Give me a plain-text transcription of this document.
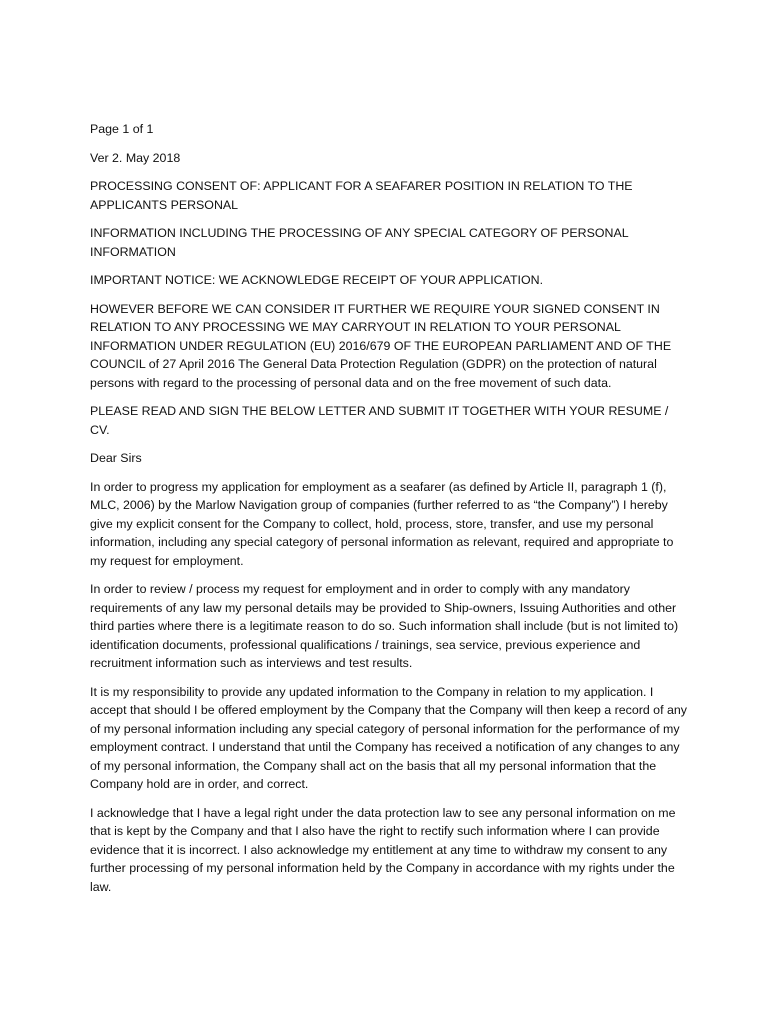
Page 1 of 1

Ver 2. May 2018

PROCESSING CONSENT OF: APPLICANT FOR A SEAFARER POSITION IN RELATION TO THE APPLICANTS PERSONAL

INFORMATION INCLUDING THE PROCESSING OF ANY SPECIAL CATEGORY OF PERSONAL INFORMATION

IMPORTANT NOTICE: WE ACKNOWLEDGE RECEIPT OF YOUR APPLICATION.

HOWEVER BEFORE WE CAN CONSIDER IT FURTHER WE REQUIRE YOUR SIGNED CONSENT IN RELATION TO ANY PROCESSING WE MAY CARRYOUT IN RELATION TO YOUR PERSONAL INFORMATION UNDER REGULATION (EU) 2016/679 OF THE EUROPEAN PARLIAMENT AND OF THE COUNCIL of 27 April 2016 The General Data Protection Regulation (GDPR) on the protection of natural persons with regard to the processing of personal data and on the free movement of such data.

PLEASE READ AND SIGN THE BELOW LETTER AND SUBMIT IT TOGETHER WITH YOUR RESUME / CV.

Dear Sirs

In order to progress my application for employment as a seafarer (as defined by Article II, paragraph 1 (f), MLC, 2006) by the Marlow Navigation group of companies (further referred to as “the Company”) I hereby give my explicit consent for the Company to collect, hold, process, store, transfer, and use my personal information, including any special category of personal information as relevant, required and appropriate to my request for employment.

In order to review / process my request for employment and in order to comply with any mandatory requirements of any law my personal details may be provided to Ship-owners, Issuing Authorities and other third parties where there is a legitimate reason to do so. Such information shall include (but is not limited to) identification documents, professional qualifications / trainings, sea service, previous experience and recruitment information such as interviews and test results.

It is my responsibility to provide any updated information to the Company in relation to my application. I accept that should I be offered employment by the Company that the Company will then keep a record of any of my personal information including any special category of personal information for the performance of my employment contract. I understand that until the Company has received a notification of any changes to any of my personal information, the Company shall act on the basis that all my personal information that the Company hold are in order, and correct.

I acknowledge that I have a legal right under the data protection law to see any personal information on me that is kept by the Company and that I also have the right to rectify such information where I can provide evidence that it is incorrect. I also acknowledge my entitlement at any time to withdraw my consent to any further processing of my personal information held by the Company in accordance with my rights under the law.
